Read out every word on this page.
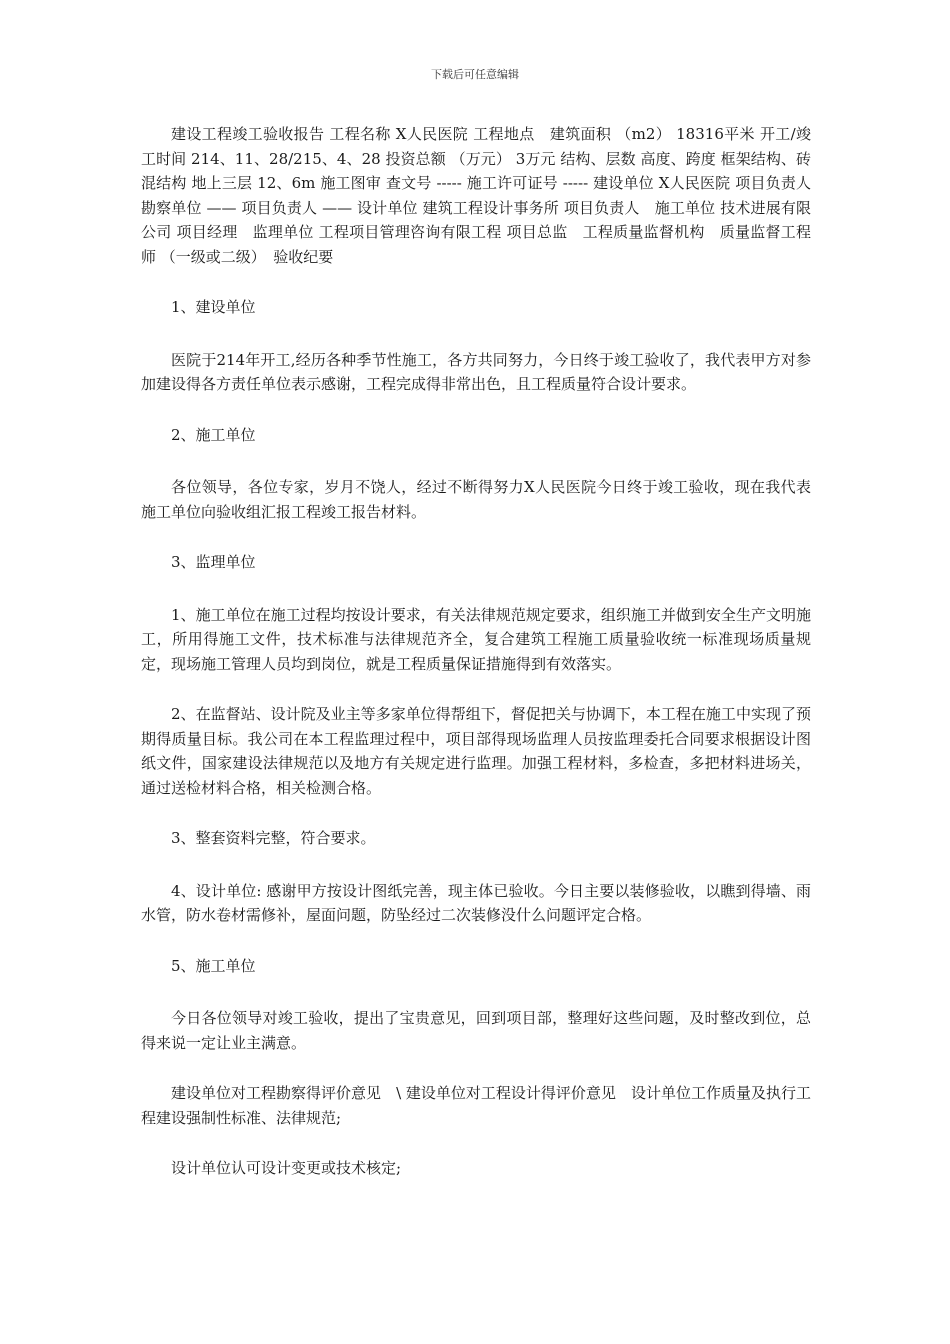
下载后可任意编辑

建设工程竣工验收报告 工程名称 X人民医院 工程地点　建筑面积 （m2） 18316平米 开工/竣工时间 214、11、28/215、4、28 投资总额 （万元） 3万元 结构、层数 高度、跨度 框架结构、砖混结构 地上三层 12、6m 施工图审 查文号 ----- 施工许可证号 ----- 建设单位 X人民医院 项目负责人　勘察单位 —— 项目负责人 —— 设计单位 建筑工程设计事务所 项目负责人　施工单位 技术进展有限公司 项目经理　监理单位 工程项目管理咨询有限工程 项目总监　工程质量监督机构　质量监督工程师 （一级或二级）　验收纪要

1、建设单位

医院于214年开工,经历各种季节性施工，各方共同努力，今日终于竣工验收了，我代表甲方对参加建设得各方责任单位表示感谢，工程完成得非常出色，且工程质量符合设计要求。

2、施工单位

各位领导，各位专家，岁月不饶人，经过不断得努力X人民医院今日终于竣工验收，现在我代表施工单位向验收组汇报工程竣工报告材料。

3、监理单位

1、施工单位在施工过程均按设计要求，有关法律规范规定要求，组织施工并做到安全生产文明施工，所用得施工文件，技术标准与法律规范齐全，复合建筑工程施工质量验收统一标准现场质量规定，现场施工管理人员均到岗位，就是工程质量保证措施得到有效落实。

2、在监督站、设计院及业主等多家单位得帮组下，督促把关与协调下，本工程在施工中实现了预期得质量目标。我公司在本工程监理过程中，项目部得现场监理人员按监理委托合同要求根据设计图纸文件，国家建设法律规范以及地方有关规定进行监理。加强工程材料，多检查，多把材料进场关，通过送检材料合格，相关检测合格。

3、整套资料完整，符合要求。

4、设计单位: 感谢甲方按设计图纸完善，现主体已验收。今日主要以装修验收，以瞧到得墙、雨水管，防水卷材需修补，屋面问题，防坠经过二次装修没什么问题评定合格。

5、施工单位

今日各位领导对竣工验收，提出了宝贵意见，回到项目部，整理好这些问题，及时整改到位，总得来说一定让业主满意。

建设单位对工程勘察得评价意见　\ 建设单位对工程设计得评价意见　设计单位工作质量及执行工程建设强制性标准、法律规范;

设计单位认可设计变更或技术核定;
